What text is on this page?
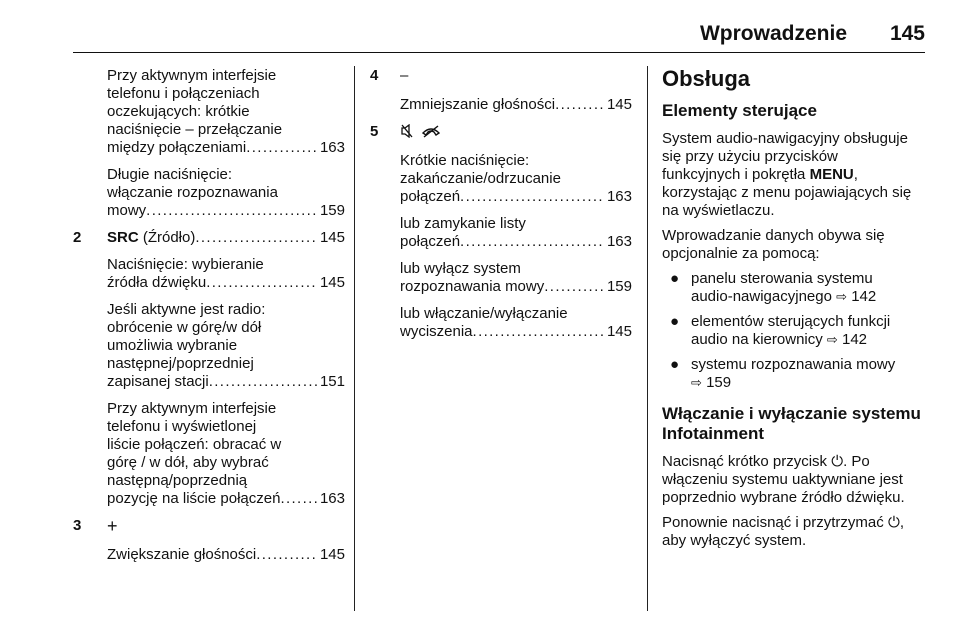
Wprowadzenie 145
Przy aktywnym interfejsie
telefonu i połączeniach
oczekujących: krótkie
naciśnięcie – przełączanie
między połączeniami . . .	163
Długie naciśnięcie:
włączanie rozpoznawania
mowy . . .	159
2 SRC (Źródło) . . .	145
Naciśnięcie: wybieranie
źródła dźwięku . . .	145
Jeśli aktywne jest radio:
obrócenie w górę/w dół
umożliwia wybranie
następnej/poprzedniej
zapisanej stacji . . .	151
Przy aktywnym interfejsie
telefonu i wyświetlonej
liście połączeń: obracać w
górę / w dół, aby wybrać
następną/poprzednią
pozycję na liście połączeń . . .	163
3 +
Zwiększanie głośności . . .	145
4 –
Zmniejszanie głośności . . .	145
5

Krótkie naciśnięcie:
zakańczanie/odrzucanie
połączeń . . .	163
lub zamykanie listy
połączeń . . .	163
lub wyłącz system
rozpoznawania mowy . . .	159
lub włączanie/wyłączanie
wyciszenia . . .	145
Obsługa
Elementy sterujące
System audio-nawigacyjny obsługuje
się przy użyciu przycisków
funkcyjnych i pokrętła MENU,
korzystając z menu pojawiających się
na wyświetlaczu.
Wprowadzanie danych obywa się
opcjonalnie za pomocą:
● panelu sterowania systemu
audio-nawigacyjnego ⇨ 142
● elementów sterujących funkcji
audio na kierownicy ⇨ 142
● systemu rozpoznawania mowy
⇨ 159
Włączanie i wyłączanie systemu
Infotainment
Nacisnąć krótko przycisk ⏻. Po
włączeniu systemu uaktywniane jest
poprzednio wybrane źródło dźwięku.
Ponownie nacisnąć i przytrzymać ⏻,
aby wyłączyć system.
